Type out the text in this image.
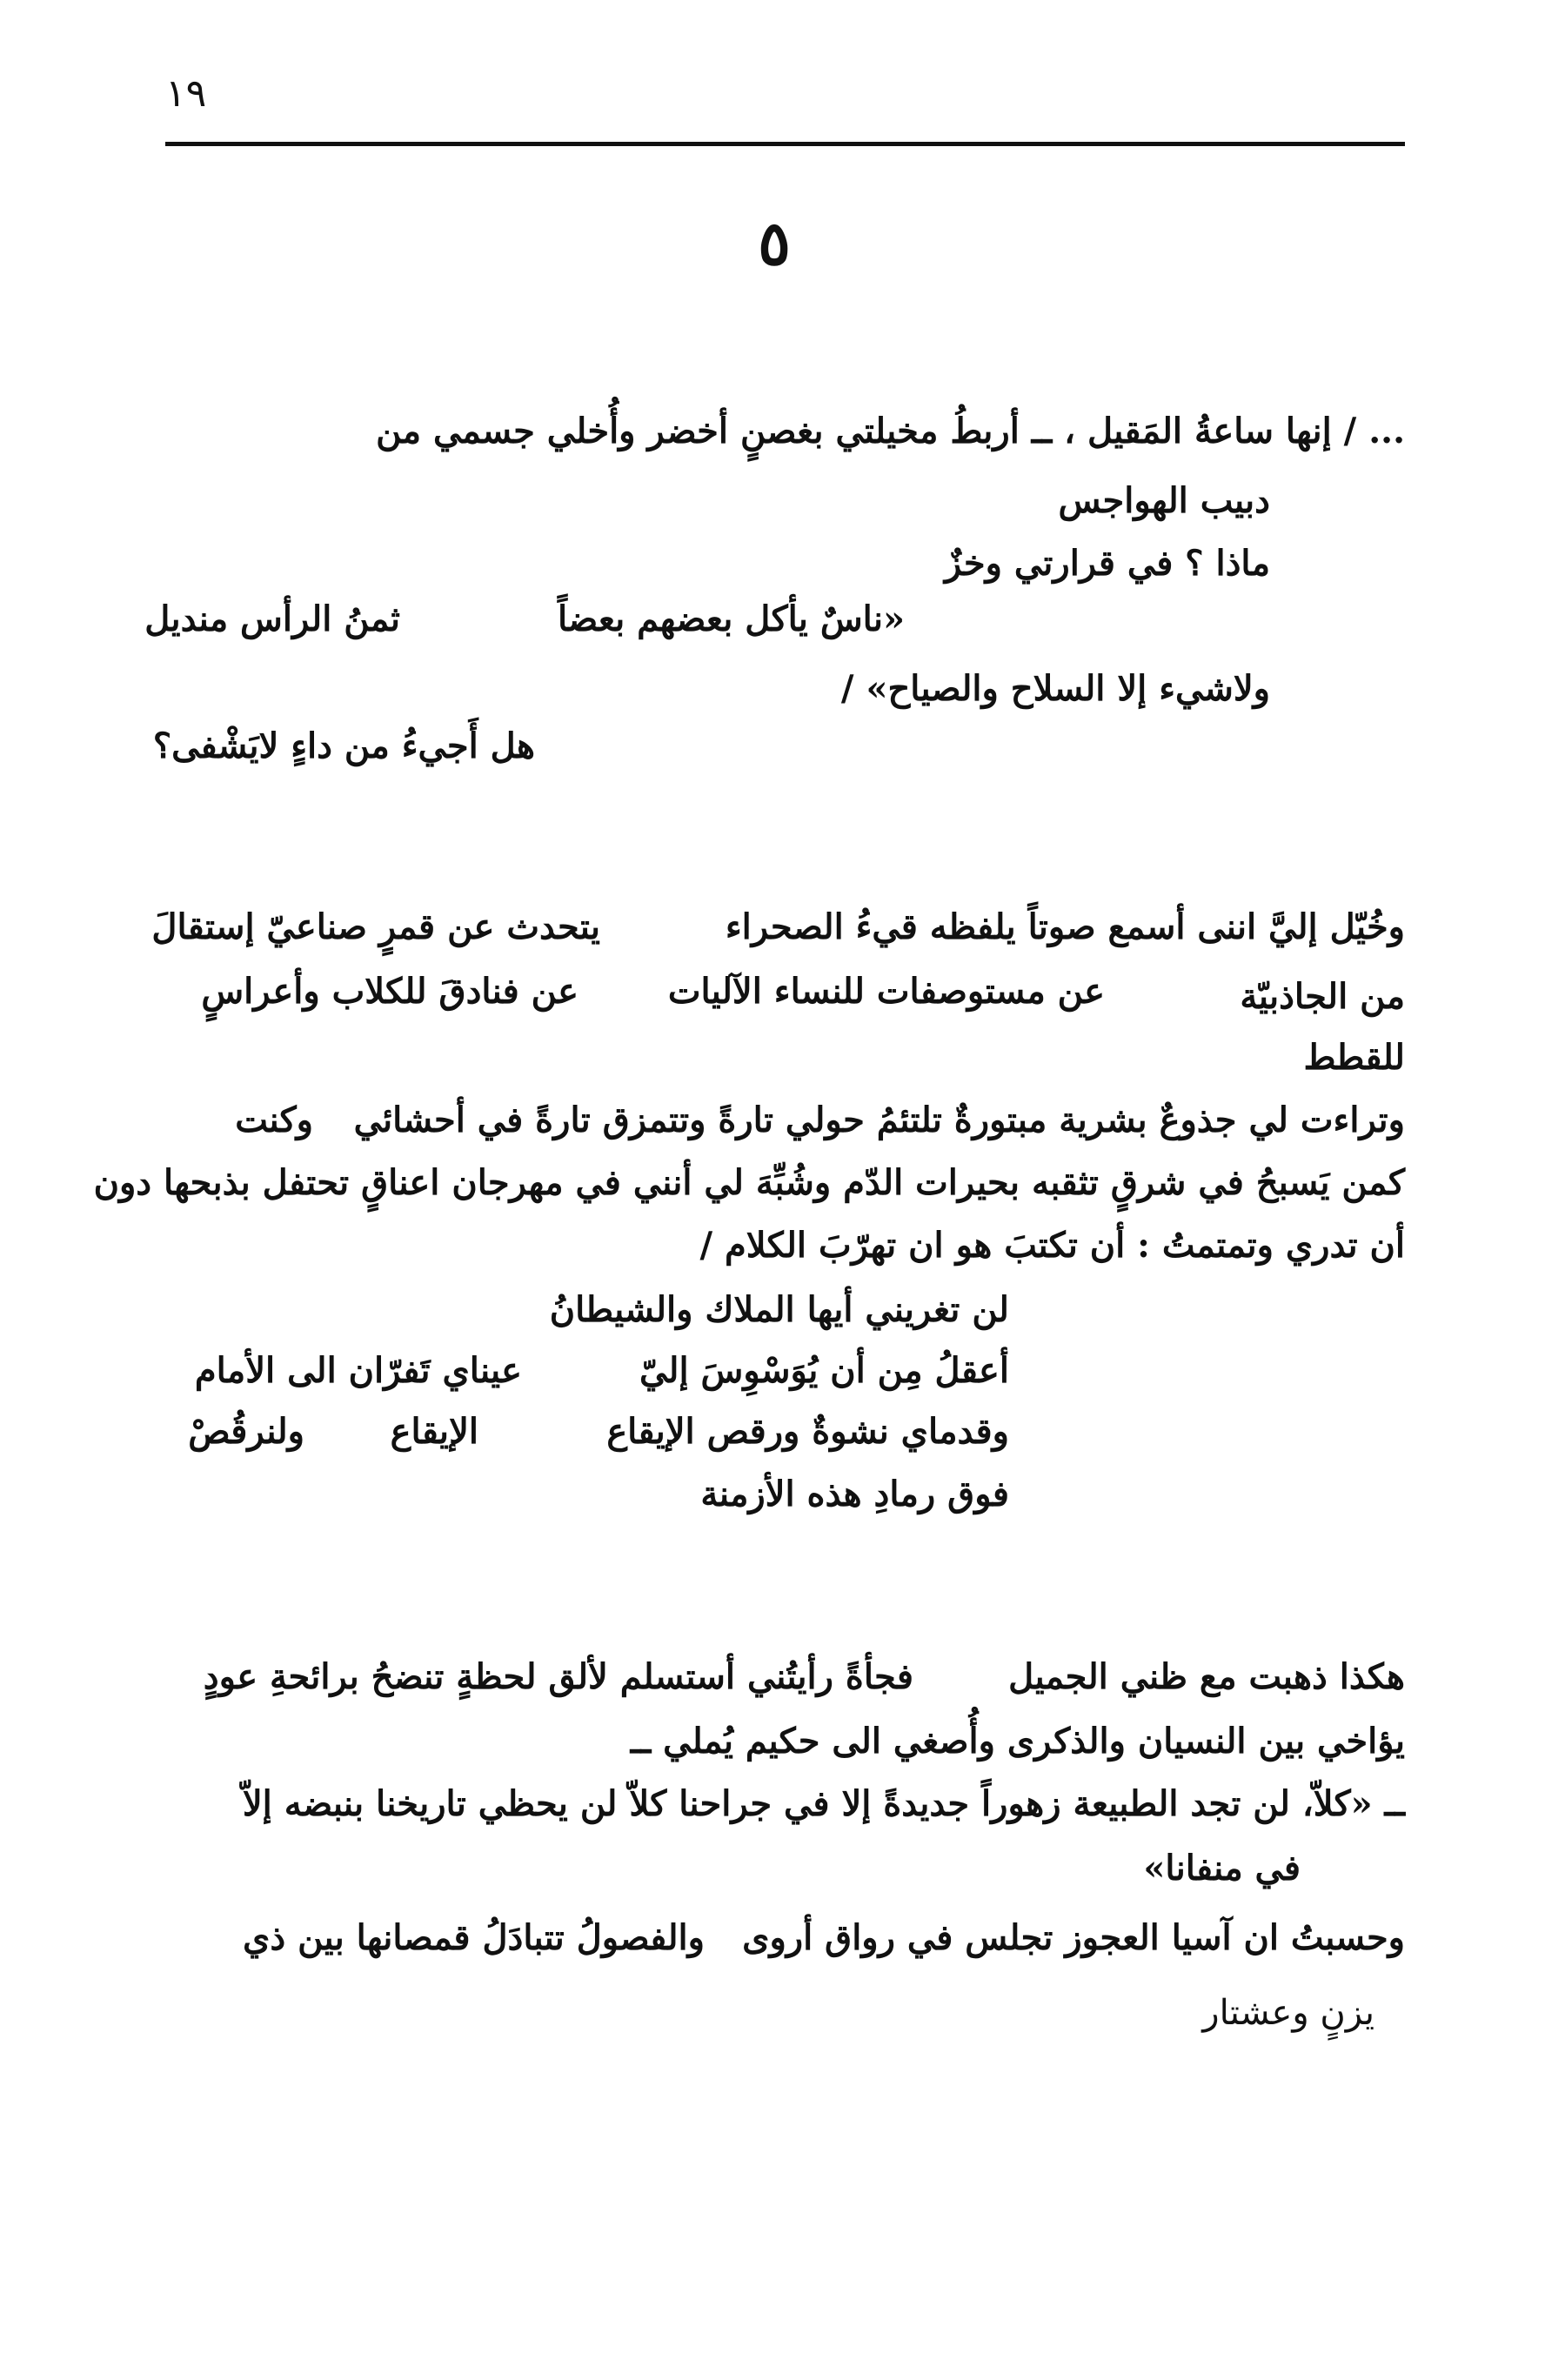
١٩
٥
... / إنها ساعةُ المَقيل ، ــ أربطُ مخيلتي بغصنٍ أخضر وأُخلي جسمي من
دبيب الهواجس
ماذا ؟ في قرارتي وخزٌ
«ناسٌ يأكل بعضهم بعضاً
ثمنُ الرأس منديل
ولاشيء إلا السلاح والصياح» /
هل أَجيءُ من داءٍ لايَشْفى؟
وخُيّل إليَّ اننى أسمع صوتاً يلفظه قيءُ الصحراء
يتحدث عن قمرٍ صناعيّ إستقالَ
من الجاذبيّة
عن مستوصفات للنساء الآليات
عن فنادقَ للكلاب وأعراسٍ
للقطط
وتراءت لي جذوعٌ بشرية مبتورةٌ تلتئمُ حولي تارةً وتتمزق تارةً في أحشائي
وكنت
كمن يَسبحُ في شرقٍ تثقبه بحيرات الدّم وشُبِّهَ لي أنني في مهرجان اعناقٍ تحتفل بذبحها دون
أن تدري وتمتمتُ : أن تكتبَ هو ان تهرّبَ الكلام /
لن تغريني أيها الملاك والشيطانُ
أعقلُ مِن أن يُوَسْوِسَ إليّ
عيناي تَفرّان الى الأمام
وقدماي نشوةٌ ورقص الإيقاع
الإيقاع
ولنرقُصْ
فوق رمادِ هذه الأزمنة
هكذا ذهبت مع ظني الجميل
فجأةً رأيتُني أستسلم لألق لحظةٍ تنضحُ برائحةِ عودٍ
يؤاخي بين النسيان والذكرى وأُصغي الى حكيم يُملي ــ
ــ «كلاّ، لن تجد الطبيعة زهوراً جديدةً إلا في جراحنا كلاّ لن يحظي تاريخنا بنبضه إلاّ
في منفانا»
وحسبتُ ان آسيا العجوز تجلس في رواق أروى
والفصولُ تتبادَلُ قمصانها بين ذي
يزنٍ وعشتار
